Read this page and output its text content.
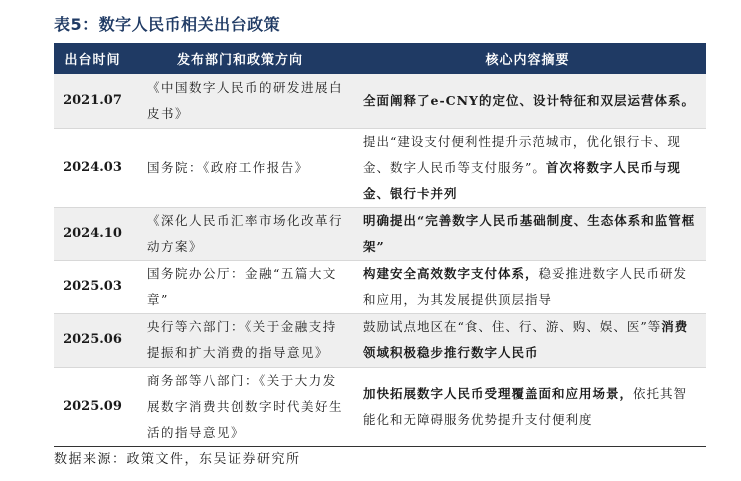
表5：数字人民币相关出台政策
出台时间	发布部门和政策方向	核心内容摘要
2021.07	《中国数字人民币的研发进展白皮书》	全面阐释了e-CNY的定位、设计特征和双层运营体系。
2024.03	国务院：《政府工作报告》	提出“建设支付便利性提升示范城市，优化银行卡、现金、数字人民币等支付服务”。首次将数字人民币与现金、银行卡并列
2024.10	《深化人民币汇率市场化改革行动方案》	明确提出“完善数字人民币基础制度、生态体系和监管框架”
2025.03	国务院办公厅：金融“五篇大文章”	构建安全高效数字支付体系，稳妥推进数字人民币研发和应用，为其发展提供顶层指导
2025.06	央行等六部门：《关于金融支持提振和扩大消费的指导意见》	鼓励试点地区在“食、住、行、游、购、娱、医”等消费领域积极稳步推行数字人民币
2025.09	商务部等八部门：《关于大力发展数字消费共创数字时代美好生活的指导意见》	加快拓展数字人民币受理覆盖面和应用场景，依托其智能化和无障碍服务优势提升支付便利度
数据来源：政策文件，东吴证券研究所
